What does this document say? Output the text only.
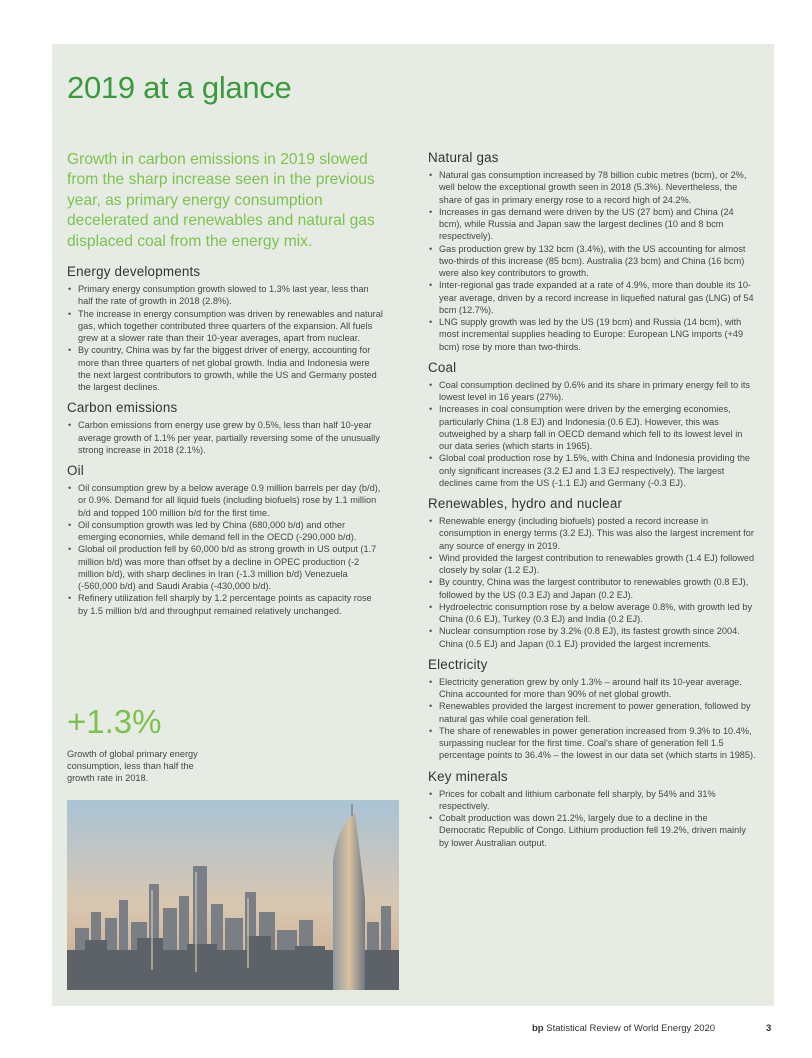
2019 at a glance

Growth in carbon emissions in 2019 slowed from the sharp increase seen in the previous year, as primary energy consumption decelerated and renewables and natural gas displaced coal from the energy mix.

Energy developments
• Primary energy consumption growth slowed to 1.3% last year, less than half the rate of growth in 2018 (2.8%).
• The increase in energy consumption was driven by renewables and natural gas, which together contributed three quarters of the expansion. All fuels grew at a slower rate than their 10-year averages, apart from nuclear.
• By country, China was by far the biggest driver of energy, accounting for more than three quarters of net global growth. India and Indonesia were the next largest contributors to growth, while the US and Germany posted the largest declines.
Carbon emissions
• Carbon emissions from energy use grew by 0.5%, less than half 10-year average growth of 1.1% per year, partially reversing some of the unusually strong increase in 2018 (2.1%).
Oil
• Oil consumption grew by a below average 0.9 million barrels per day (b/d), or 0.9%. Demand for all liquid fuels (including biofuels) rose by 1.1 million b/d and topped 100 million b/d for the first time.
• Oil consumption growth was led by China (680,000 b/d) and other emerging economies, while demand fell in the OECD (-290,000 b/d).
• Global oil production fell by 60,000 b/d as strong growth in US output (1.7 million b/d) was more than offset by a decline in OPEC production (-2 million b/d), with sharp declines in Iran (-1.3 million b/d) Venezuela (-560,000 b/d) and Saudi Arabia (-430,000 b/d).
• Refinery utilization fell sharply by 1.2 percentage points as capacity rose by 1.5 million b/d and throughput remained relatively unchanged.

+1.3%

Growth of global primary energy consumption, less than half the growth rate in 2018.

Natural gas
• Natural gas consumption increased by 78 billion cubic metres (bcm), or 2%, well below the exceptional growth seen in 2018 (5.3%). Nevertheless, the share of gas in primary energy rose to a record high of 24.2%.
• Increases in gas demand were driven by the US (27 bcm) and China (24 bcm), while Russia and Japan saw the largest declines (10 and 8 bcm respectively).
• Gas production grew by 132 bcm (3.4%), with the US accounting for almost two-thirds of this increase (85 bcm). Australia (23 bcm) and China (16 bcm) were also key contributors to growth.
• Inter-regional gas trade expanded at a rate of 4.9%, more than double its 10-year average, driven by a record increase in liquefied natural gas (LNG) of 54 bcm (12.7%).
• LNG supply growth was led by the US (19 bcm) and Russia (14 bcm), with most incremental supplies heading to Europe: European LNG imports (+49 bcm) rose by more than two-thirds.
Coal
• Coal consumption declined by 0.6% and its share in primary energy fell to its lowest level in 16 years (27%).
• Increases in coal consumption were driven by the emerging economies, particularly China (1.8 EJ) and Indonesia (0.6 EJ). However, this was outweighed by a sharp fall in OECD demand which fell to its lowest level in our data series (which starts in 1965).
• Global coal production rose by 1.5%, with China and Indonesia providing the only significant increases (3.2 EJ and 1.3 EJ respectively). The largest declines came from the US (-1.1 EJ) and Germany (-0.3 EJ).
Renewables, hydro and nuclear
• Renewable energy (including biofuels) posted a record increase in consumption in energy terms (3.2 EJ). This was also the largest increment for any source of energy in 2019.
• Wind provided the largest contribution to renewables growth (1.4 EJ) followed closely by solar (1.2 EJ).
• By country, China was the largest contributor to renewables growth (0.8 EJ), followed by the US (0.3 EJ) and Japan (0.2 EJ).
• Hydroelectric consumption rose by a below average 0.8%, with growth led by China (0.6 EJ), Turkey (0.3 EJ) and India (0.2 EJ).
• Nuclear consumption rose by 3.2% (0.8 EJ), its fastest growth since 2004. China (0.5 EJ) and Japan (0.1 EJ) provided the largest increments.
Electricity
• Electricity generation grew by only 1.3% – around half its 10-year average. China accounted for more than 90% of net global growth.
• Renewables provided the largest increment to power generation, followed by natural gas while coal generation fell.
• The share of renewables in power generation increased from 9.3% to 10.4%, surpassing nuclear for the first time. Coal's share of generation fell 1.5 percentage points to 36.4% – the lowest in our data set (which starts in 1985).
Key minerals
• Prices for cobalt and lithium carbonate fell sharply, by 54% and 31% respectively.
• Cobalt production was down 21.2%, largely due to a decline in the Democratic Republic of Congo. Lithium production fell 19.2%, driven mainly by lower Australian output.
bp Statistical Review of World Energy 2020	3
